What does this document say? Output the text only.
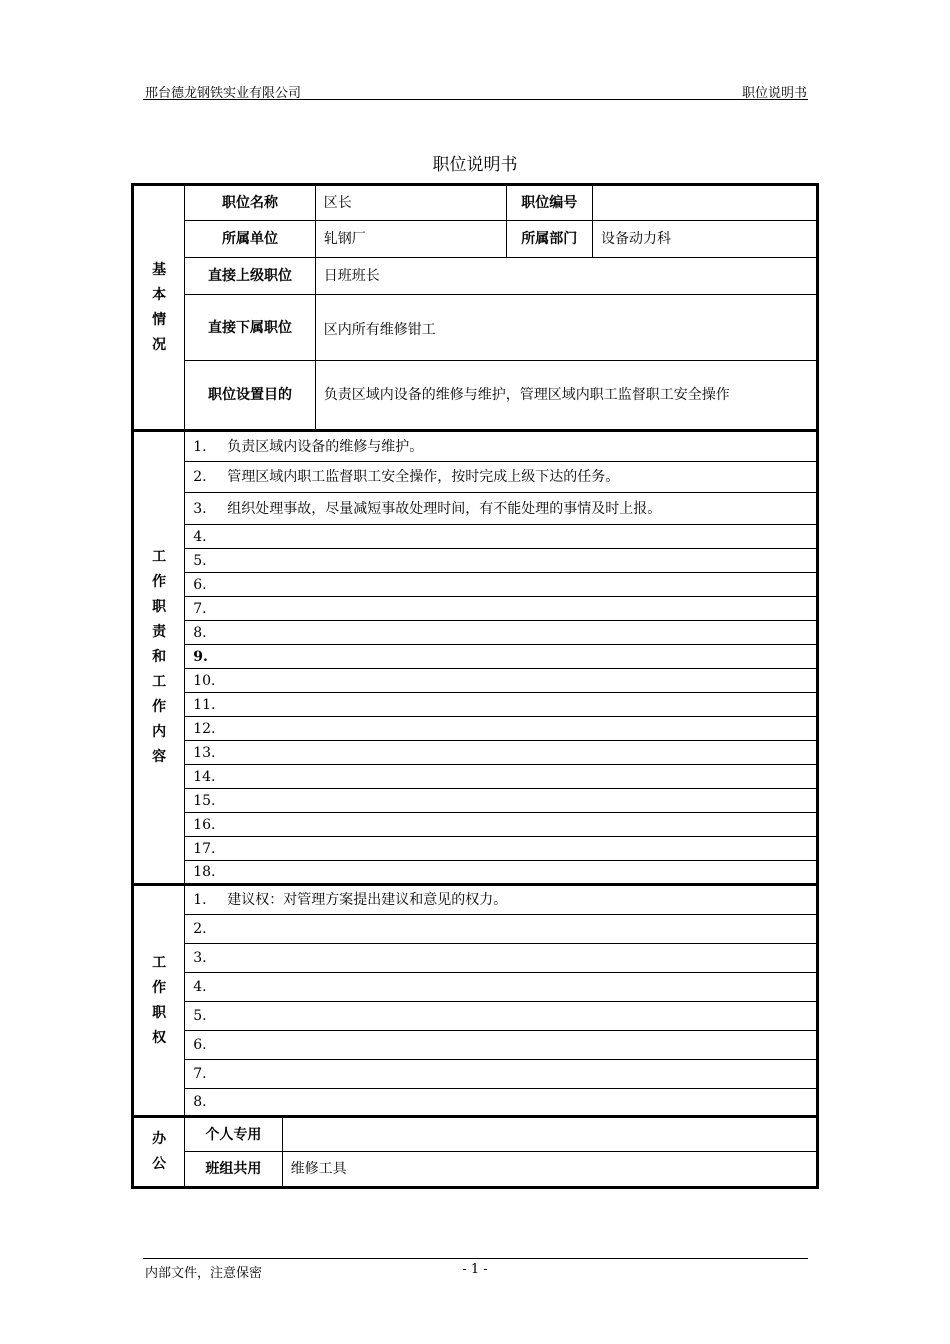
邢台德龙钢铁实业有限公司	职位说明书
职位说明书
基本情况	职位名称		区长	职位编号	
	所属单位		轧钢厂	所属部门	设备动力科
	直接上级职位		日班班长		
	直接下属职位		区内所有维修钳工		
	职位设置目的		负责区域内设备的维修与维护，管理区域内职工监督职工安全操作		

工作职责和工作内容	1. 负责区域内设备的维修与维护。				
	2. 管理区域内职工监督职工安全操作，按时完成上级下达的任务。				
	3. 组织处理事故，尽量减短事故处理时间，有不能处理的事情及时上报。				
	4.				
	5.				
	6.				
	7.				
	8.				
	9.				
	10.				
	11.				
	12.				
	13.				
	14.				
	15.				
	16.				
	17.				
	18.				

工作职权	1. 建议权：对管理方案提出建议和意见的权力。				
	2.				
	3.				
	4.				
	5.				
	6.				
	7.				
	8.				

办公	个人专用				
	班组共用	维修工具			
内部文件，注意保密	- 1 -
